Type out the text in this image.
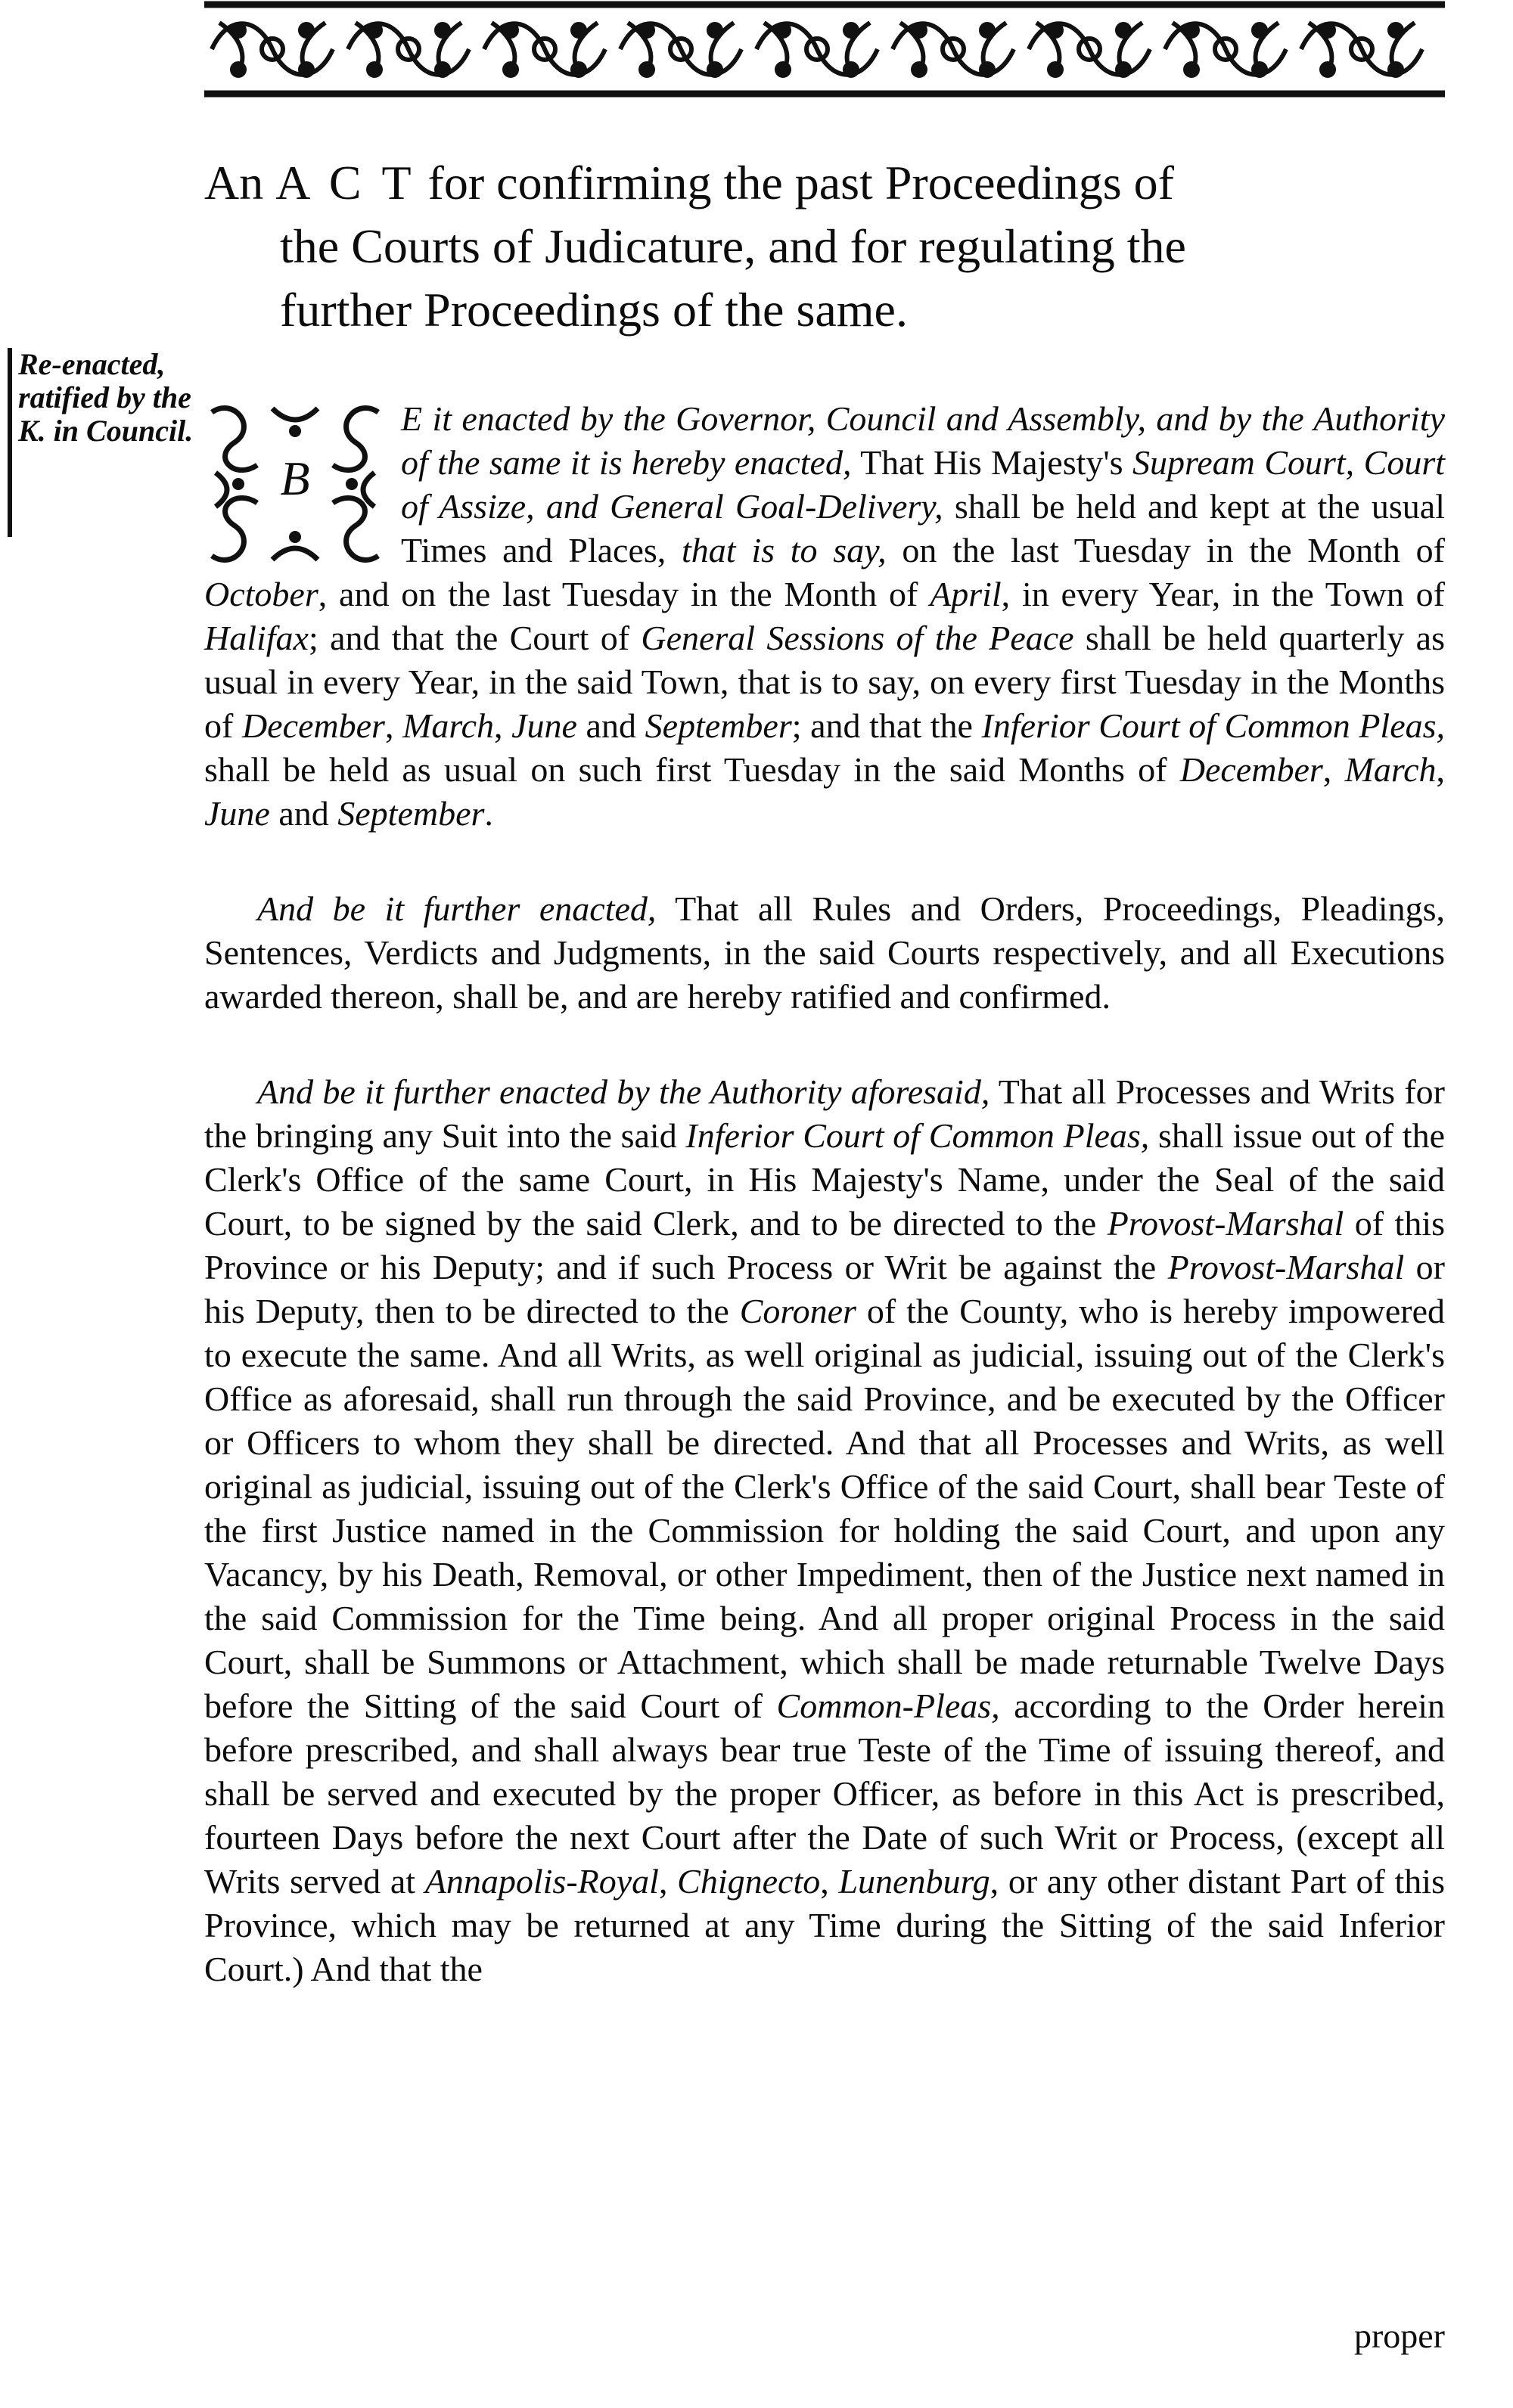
An A C T for confirming the past Proceedings of
the Courts of Judicature, and for regulating the
further Proceedings of the same.
Re-enacted,
ratified by the
K. in Council.

B
E it enacted by the Governor, Council and Assembly, and by the Authority of the same it is hereby enacted, That His Majesty's Supream Court, Court of Assize, and General Goal-Delivery, shall be held and kept at the usual Times and Places, that is to say, on the last Tuesday in the Month of October, and on the last Tuesday in the Month of April, in every Year, in the Town of Halifax; and that the Court of General Sessions of the Peace shall be held quarterly as usual in every Year, in the said Town, that is to say, on every first Tuesday in the Months of December, March, June and September; and that the Inferior Court of Common Pleas, shall be held as usual on such first Tuesday in the said Months of December, March, June and September.

And be it further enacted, That all Rules and Orders, Proceedings, Pleadings, Sentences, Verdicts and Judgments, in the said Courts respectively, and all Executions awarded thereon, shall be, and are hereby ratified and confirmed.

And be it further enacted by the Authority aforesaid, That all Processes and Writs for the bringing any Suit into the said Inferior Court of Common Pleas, shall issue out of the Clerk's Office of the same Court, in His Majesty's Name, under the Seal of the said Court, to be signed by the said Clerk, and to be directed to the Provost-Marshal of this Province or his Deputy; and if such Process or Writ be against the Provost-Marshal or his Deputy, then to be directed to the Coroner of the County, who is hereby impowered to execute the same. And all Writs, as well original as judicial, issuing out of the Clerk's Office as aforesaid, shall run through the said Province, and be executed by the Officer or Officers to whom they shall be directed. And that all Processes and Writs, as well original as judicial, issuing out of the Clerk's Office of the said Court, shall bear Teste of the first Justice named in the Commission for holding the said Court, and upon any Vacancy, by his Death, Removal, or other Impediment, then of the Justice next named in the said Commission for the Time being. And all proper original Process in the said Court, shall be Summons or Attachment, which shall be made returnable Twelve Days before the Sitting of the said Court of Common-Pleas, according to the Order herein before prescribed, and shall always bear true Teste of the Time of issuing thereof, and shall be served and executed by the proper Officer, as before in this Act is prescribed, fourteen Days before the next Court after the Date of such Writ or Process, (except all Writs served at Annapolis-Royal, Chignecto, Lunenburg, or any other distant Part of this Province, which may be returned at any Time during the Sitting of the said Inferior Court.) And that the

proper
